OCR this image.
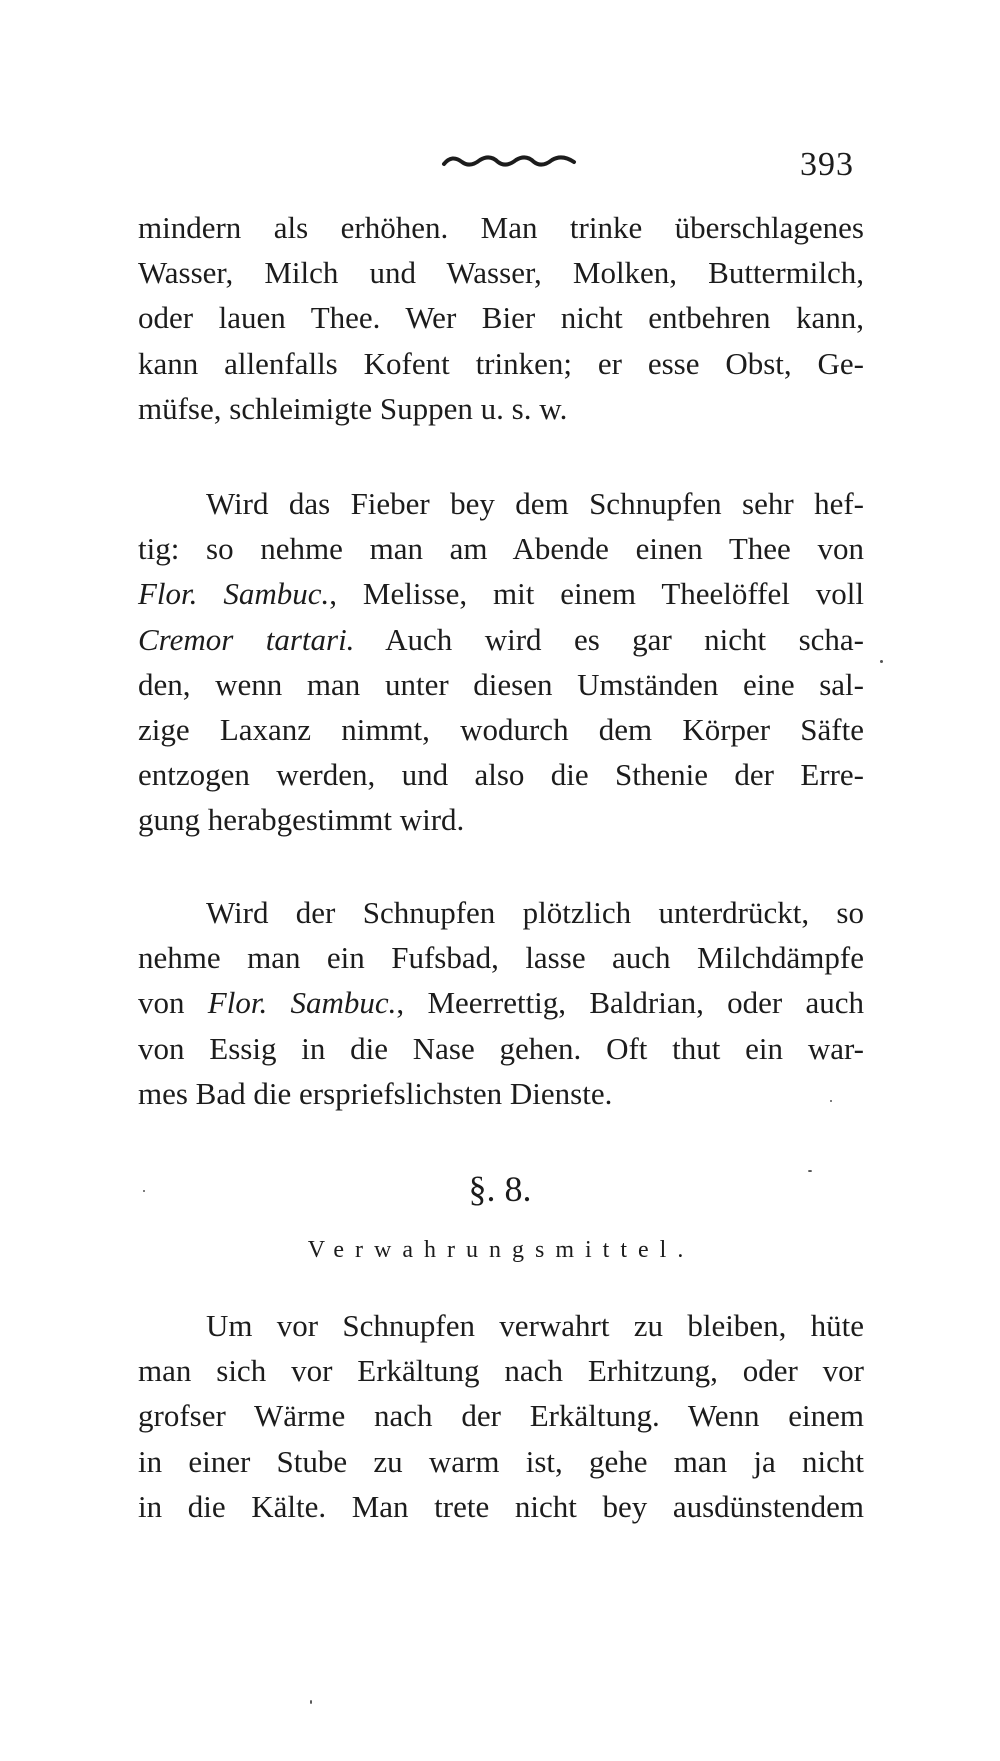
393
mindern als erhöhen. Man trinke überschlagenes
Wasser, Milch und Wasser, Molken, Buttermilch,
oder lauen Thee. Wer Bier nicht entbehren kann,
kann allenfalls Kofent trinken; er esse Obst, Ge-
müfse, schleimigte Suppen u. s. w.
Wird das Fieber bey dem Schnupfen sehr hef-
tig: so nehme man am Abende einen Thee von
Flor. Sambuc., Melisse, mit einem Theelöffel voll
Cremor tartari. Auch wird es gar nicht scha-
den, wenn man unter diesen Umständen eine sal-
zige Laxanz nimmt, wodurch dem Körper Säfte
entzogen werden, und also die Sthenie der Erre-
gung herabgestimmt wird.
Wird der Schnupfen plötzlich unterdrückt, so
nehme man ein Fufsbad, lasse auch Milchdämpfe
von Flor. Sambuc., Meerrettig, Baldrian, oder auch
von Essig in die Nase gehen. Oft thut ein war-
mes Bad die erspriefslichsten Dienste.
§. 8.
Verwahrungsmittel.
Um vor Schnupfen verwahrt zu bleiben, hüte
man sich vor Erkältung nach Erhitzung, oder vor
grofser Wärme nach der Erkältung. Wenn einem
in einer Stube zu warm ist, gehe man ja nicht
in die Kälte. Man trete nicht bey ausdünstendem
